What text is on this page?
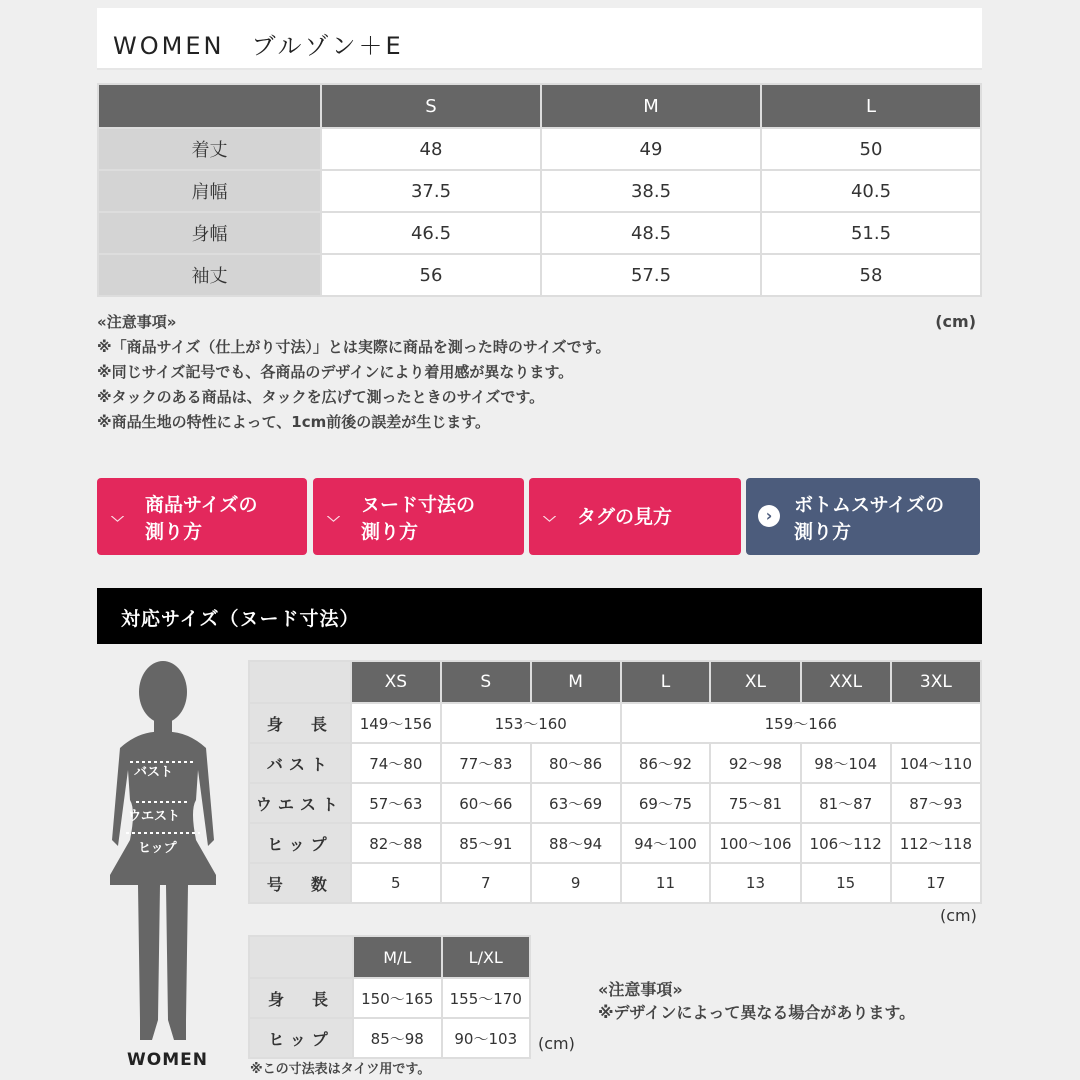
WOMEN　ブルゾン＋E
	S	M	L
着丈	48	49	50
肩幅	37.5	38.5	40.5
身幅	46.5	48.5	51.5
袖丈	56	57.5	58
(cm)
«注意事項»
※「商品サイズ（仕上がり寸法）」とは実際に商品を測った時のサイズです。
※同じサイズ記号でも、各商品のデザインにより着用感が異なります。
※タックのある商品は、タックを広げて測ったときのサイズです。
※商品生地の特性によって、1cm前後の誤差が生じます。
﹀
商品サイズの
測り方	﹀
ヌード寸法の
測り方	﹀ タグの見方	›	ボトムスサイズの
測り方
対応サイズ（ヌード寸法）
バスト
ウエスト
ヒップ
WOMEN
	XS	S	M	L	XL	XXL	3XL
身　長	149〜156	153〜160		159〜166			
バスト	74〜80	77〜83	80〜86	86〜92	92〜98	98〜104	104〜110
ウエスト	57〜63	60〜66	63〜69	69〜75	75〜81	81〜87	87〜93
ヒップ	82〜88	85〜91	88〜94	94〜100	100〜106	106〜112	112〜118
号　数	5	7	9	11	13	15	17
(cm)
	M/L	L/XL
身　長	150〜165	155〜170
ヒップ	85〜98	90〜103 (cm)
※この寸法表はタイツ用です。
«注意事項»
※デザインによって異なる場合があります。
